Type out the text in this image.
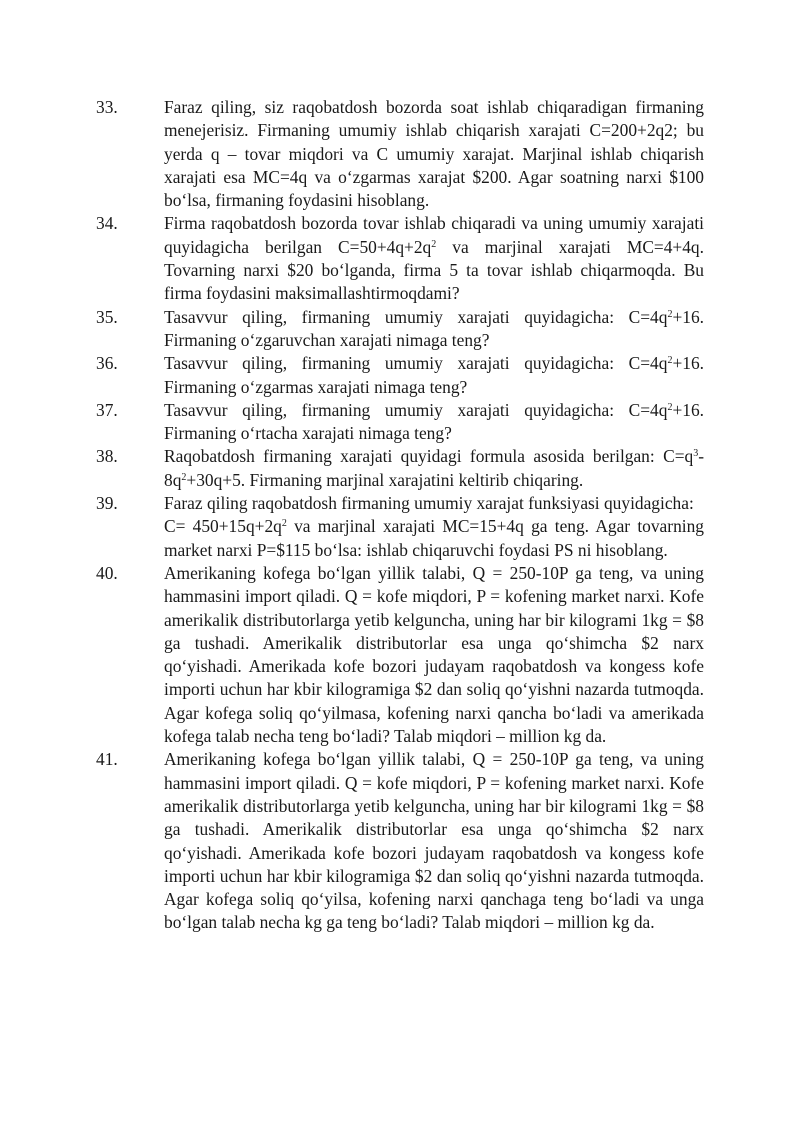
33.	Faraz qiling, siz raqobatdosh bozorda soat ishlab chiqaradigan firmaning menejerisiz. Firmaning umumiy ishlab chiqarish xarajati C=200+2q2; bu yerda q – tovar miqdori va C umumiy xarajat. Marjinal ishlab chiqarish xarajati esa MC=4q va o‘zgarmas xarajat $200. Agar soatning narxi $100 bo‘lsa, firmaning foydasini hisoblang.
34.	Firma raqobatdosh bozorda tovar ishlab chiqaradi va uning umumiy xarajati quyidagicha berilgan $C=50+4q+2q^2$ va marjinal xarajati MC=4+4q. Tovarning narxi $20 bo‘lganda, firma 5 ta tovar ishlab chiqarmoqda. Bu firma foydasini maksimallashtirmoqdami?
35.	Tasavvur qiling, firmaning umumiy xarajati quyidagicha: $C=4q^2+16$. Firmaning o‘zgaruvchan xarajati nimaga teng?
36.	Tasavvur qiling, firmaning umumiy xarajati quyidagicha: $C=4q^2+16$. Firmaning o‘zgarmas xarajati nimaga teng?
37.	Tasavvur qiling, firmaning umumiy xarajati quyidagicha: $C=4q^2+16$. Firmaning o‘rtacha xarajati nimaga teng?
38.	Raqobatdosh firmaning xarajati quyidagi formula asosida berilgan: $C=q^3-8q^2+30q+5$. Firmaning marjinal xarajatini keltirib chiqaring.
39.	Faraz qiling raqobatdosh firmaning umumiy xarajat funksiyasi quyidagicha:
$C= 450+15q+2q^2$ va marjinal xarajati MC=15+4q ga teng. Agar tovarning market narxi P=$115 bo‘lsa: ishlab chiqaruvchi foydasi PS ni hisoblang.
40.	Amerikaning kofega bo‘lgan yillik talabi, Q = 250-10P ga teng, va uning hammasini import qiladi. Q = kofe miqdori, P = kofening market narxi. Kofe amerikalik distributorlarga yetib kelguncha, uning har bir kilogrami 1kg = $8 ga tushadi. Amerikalik distributorlar esa unga qo‘shimcha $2 narx qo‘yishadi. Amerikada kofe bozori judayam raqobatdosh va kongess kofe importi uchun har kbir kilogramiga $2 dan soliq qo‘yishni nazarda tutmoqda. Agar kofega soliq qo‘yilmasa, kofening narxi qancha bo‘ladi va amerikada kofega talab necha teng bo‘ladi? Talab miqdori – million kg da.
41.	Amerikaning kofega bo‘lgan yillik talabi, Q = 250-10P ga teng, va uning hammasini import qiladi. Q = kofe miqdori, P = kofening market narxi. Kofe amerikalik distributorlarga yetib kelguncha, uning har bir kilogrami 1kg = $8 ga tushadi. Amerikalik distributorlar esa unga qo‘shimcha $2 narx qo‘yishadi. Amerikada kofe bozori judayam raqobatdosh va kongess kofe importi uchun har kbir kilogramiga $2 dan soliq qo‘yishni nazarda tutmoqda. Agar kofega soliq qo‘yilsa, kofening narxi qanchaga teng bo‘ladi va unga bo‘lgan talab necha kg ga teng bo‘ladi? Talab miqdori – million kg da.
